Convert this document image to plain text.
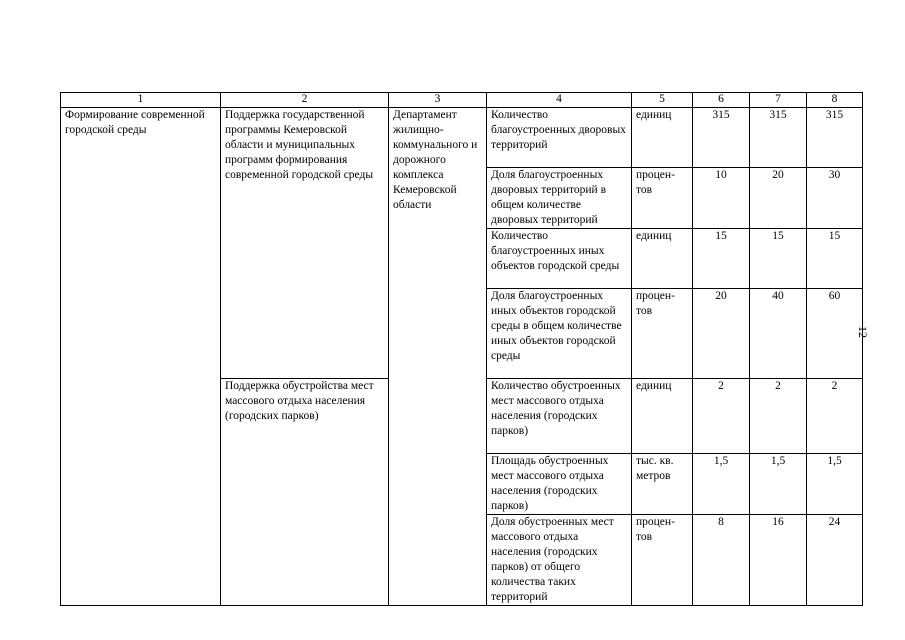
1	2	3	4	5	6	7	8
Формирование современной городской среды	Поддержка государственной программы Кемеровской области и муниципальных программ формирования современной городской среды	Департамент жилищно-коммунального и дорожного комплекса Кемеровской области	Количество благоустроенных дворовых территорий	единиц	315	315	315
			Доля благоустроенных дворовых территорий в общем количестве дворовых территорий	процен-тов	10	20	30
			Количество благоустроенных иных объектов городской среды	единиц	15	15	15
			Доля благоустроенных иных объектов городской среды в общем количестве иных объектов городской среды	процен-тов	20	40	60
	Поддержка обустройства мест массового отдыха населения (городских парков)		Количество обустроенных мест массового отдыха населения (городских парков)	единиц	2	2	2
			Площадь обустроенных мест массового отдыха населения (городских парков)	тыс. кв. метров	1,5	1,5	1,5
			Доля обустроенных мест массового отдыха населения (городских парков) от общего количества таких территорий	процен-тов	8	16	24
12
